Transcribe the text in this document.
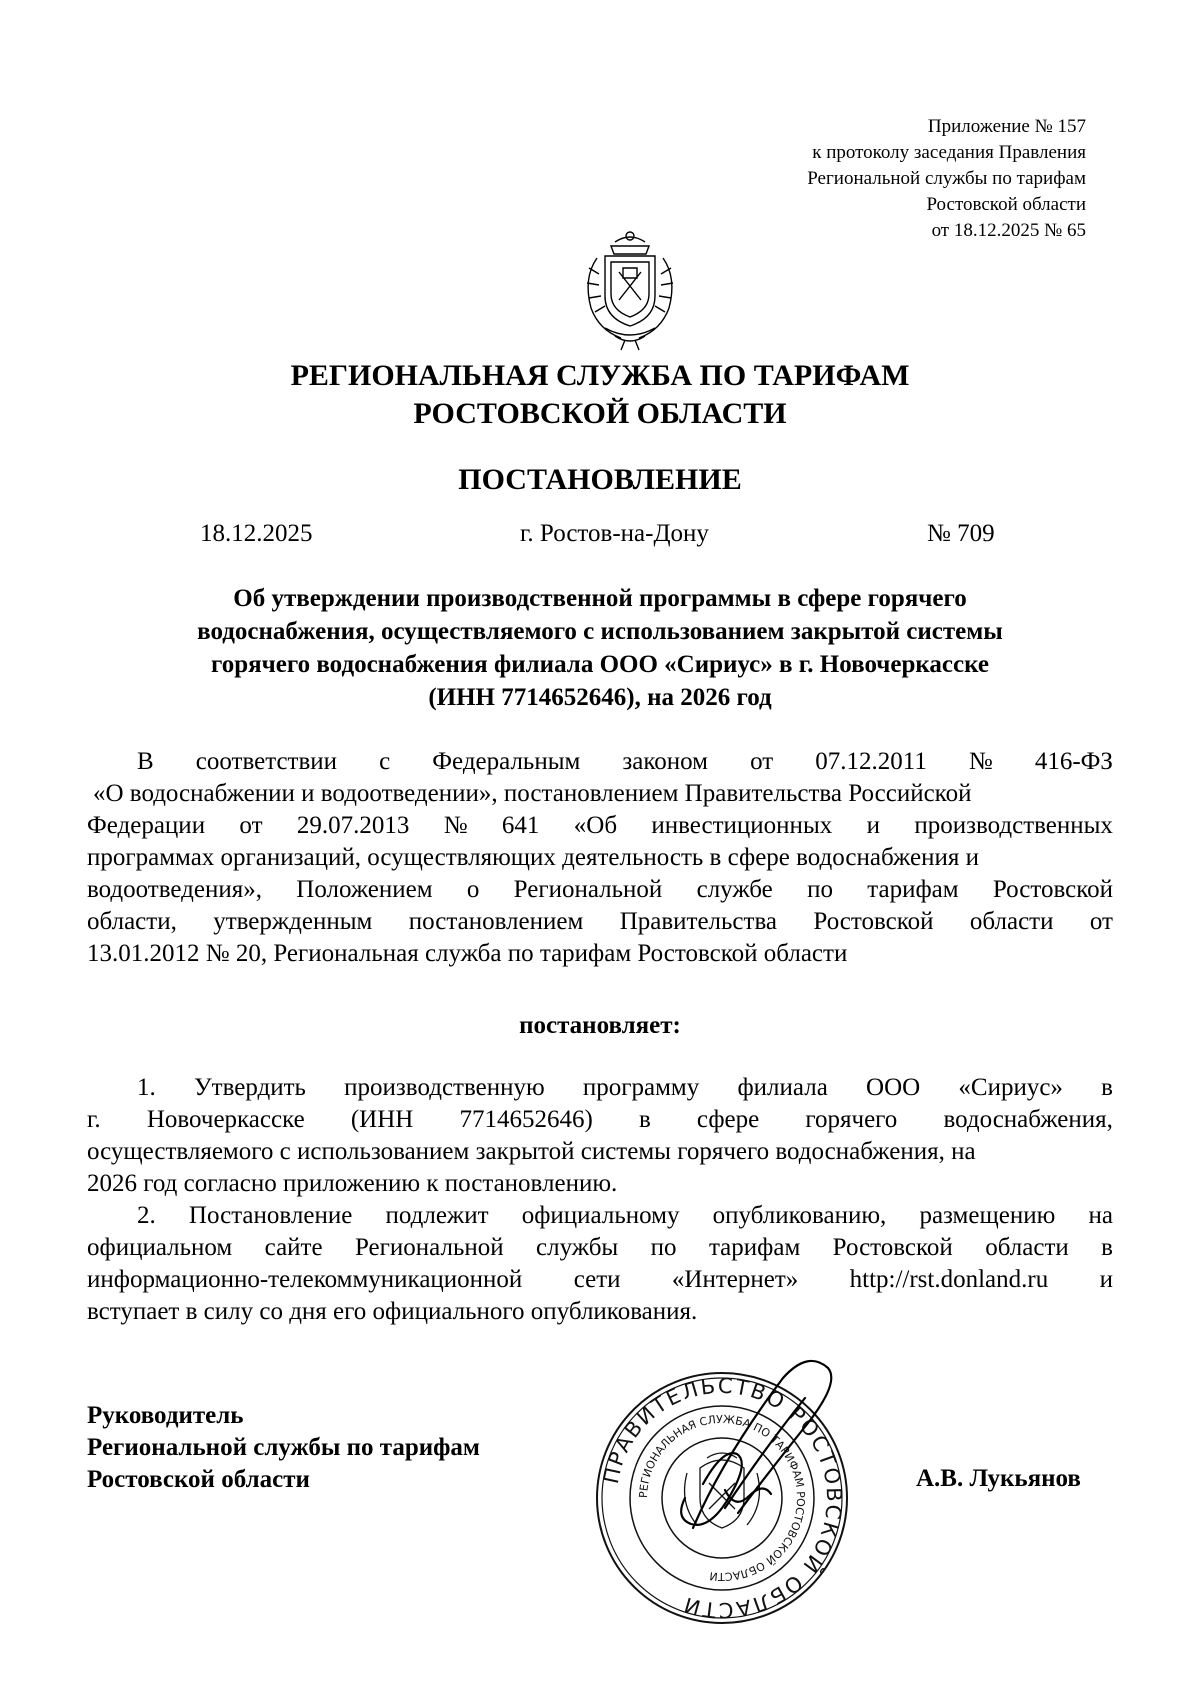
Приложение № 157
к протоколу заседания Правления
Региональной службы по тарифам
Ростовской области
от 18.12.2025 № 65
РЕГИОНАЛЬНАЯ СЛУЖБА ПО ТАРИФАМ
РОСТОВСКОЙ ОБЛАСТИ
ПОСТАНОВЛЕНИЕ
18.12.2025	г. Ростов-на-Дону	№ 709
Об утверждении производственной программы в сфере горячего
водоснабжения, осуществляемого с использованием закрытой системы
горячего водоснабжения филиала ООО «Сириус» в г. Новочеркасске
(ИНН 7714652646), на 2026 год
В соответствии с Федеральным законом от 07.12.2011 № 416-ФЗ
«О водоснабжении и водоотведении», постановлением Правительства Российской
Федерации от 29.07.2013 № 641 «Об инвестиционных и производственных
программах организаций, осуществляющих деятельность в сфере водоснабжения и
водоотведения», Положением о Региональной службе по тарифам Ростовской
области, утвержденным постановлением Правительства Ростовской области от
13.01.2012 № 20, Региональная служба по тарифам Ростовской области
постановляет:
1. Утвердить производственную программу филиала ООО «Сириус» в
г. Новочеркасске (ИНН 7714652646) в сфере горячего водоснабжения,
осуществляемого с использованием закрытой системы горячего водоснабжения, на
2026 год согласно приложению к постановлению.
2. Постановление подлежит официальному опубликованию, размещению на
официальном сайте Региональной службы по тарифам Ростовской области в
информационно-телекоммуникационной сети «Интернет» http://rst.donland.ru и
вступает в силу со дня его официального опубликования.
Руководитель
Региональной службы по тарифам
Ростовской области	ПРАВИТЕЛЬСТВО РОСТОВСКОЙ ОБЛАСТИ
РЕГИОНАЛЬНАЯ СЛУЖБА ПО ТАРИФАМ РОСТОВСКОЙ ОБЛАСТИ
А.В. Лукьянов
